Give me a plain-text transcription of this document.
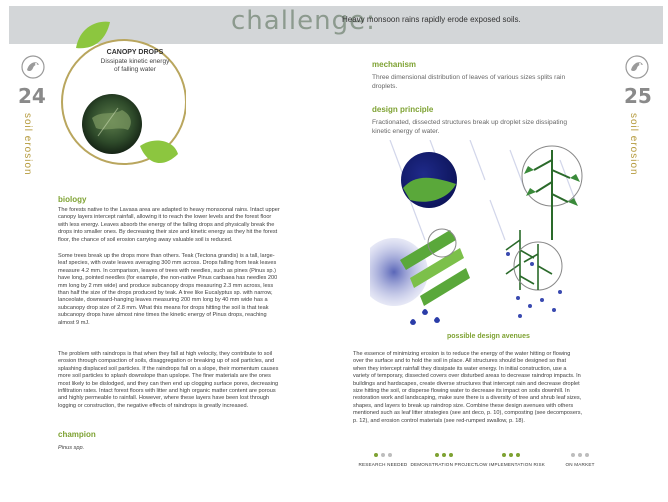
challenge:
Heavy monsoon rains rapidly erode exposed soils.
24
soil erosion
25
soil erosion
CANOPY DROPS
Dissipate kinetic energy
of falling water
biology
The forests native to the Lavasa area are adapted to heavy monsoonal rains. Intact upper
canopy layers intercept rainfall, allowing it to reach the lower levels and the forest floor
with less energy. Leaves absorb the energy of the falling drops and physically break the
drops into smaller ones. By decreasing their size and kinetic energy as they hit the forest
floor, the chance of soil erosion carrying away valuable soil is reduced.
Some trees break up the drops more than others. Teak (Tectona grandis) is a tall, large-
leaf species, with ovate leaves averaging 300 mm across. Drops falling from teak leaves
measure 4.2 mm. In comparison, leaves of trees with needles, such as pines (Pinus sp.)
have long, pointed needles (for example, the non-native Pinus caribaea has needles 200
mm long by 2 mm wide) and produce subcanopy drops measuring 2.3 mm across, less
than half the size of the drops produced by teak. A tree like Eucalyptus sp. with narrow,
lanceolate, downward-hanging leaves measuring 200 mm long by 40 mm wide has a
subcanopy drop size of 2.8 mm. What this means for drops hitting the soil is that teak
subcanopy drops have almost nine times the kinetic energy of Pinus drops, reaching
almost 9 mJ.
The problem with raindrops is that when they fall at high velocity, they contribute to soil
erosion through compaction of soils, disaggregation or breaking up of soil particles, and
splashing displaced soil particles. If the raindrops fall on a slope, their momentum causes
more soil particles to splash downslope than upslope. The finer materials are the ones
most likely to be dislodged, and they can then end up clogging surface pores, decreasing
infiltration rates. Intact forest floors with litter and high organic matter content are porous
and highly permeable to rainfall. However, where these layers have been lost through
logging or construction, the negative effects of raindrops is greatly increased.
champion
Pinus spp.
mechanism
Three dimensional distribution of leaves of various sizes splits rain
droplets.
design principle
Fractionated, dissected structures break up droplet size dissipating
kinetic energy of water.
possible design avenues
The essence of minimizing erosion is to reduce the energy of the water hitting or flowing
over the surface and to hold the soil in place. All structures should be designed so that
when they intercept rainfall they dissipate its water energy. In initial construction, use a
variety of temporary, dissected covers over disturbed areas to decrease raindrop impacts. In
buildings and hardscapes, create diverse structures that intercept rain and decrease droplet
size hitting the soil, or disperse flowing water to decrease its impact on soils downhill. In
restoration work and landscaping, make sure there is a diversity of tree and shrub leaf sizes,
shapes, and layers to break up raindrop size. Combine these design avenues with others
mentioned such as leaf litter strategies (see ant deco, p. 10), composting (see decomposers,
p. 12), and erosion control materials (see red-rumped swallow, p. 18).
RESEARCH NEEDED DEMONSTRATION PROJECT LOW IMPLEMENTATION RISK	ON MARKET
